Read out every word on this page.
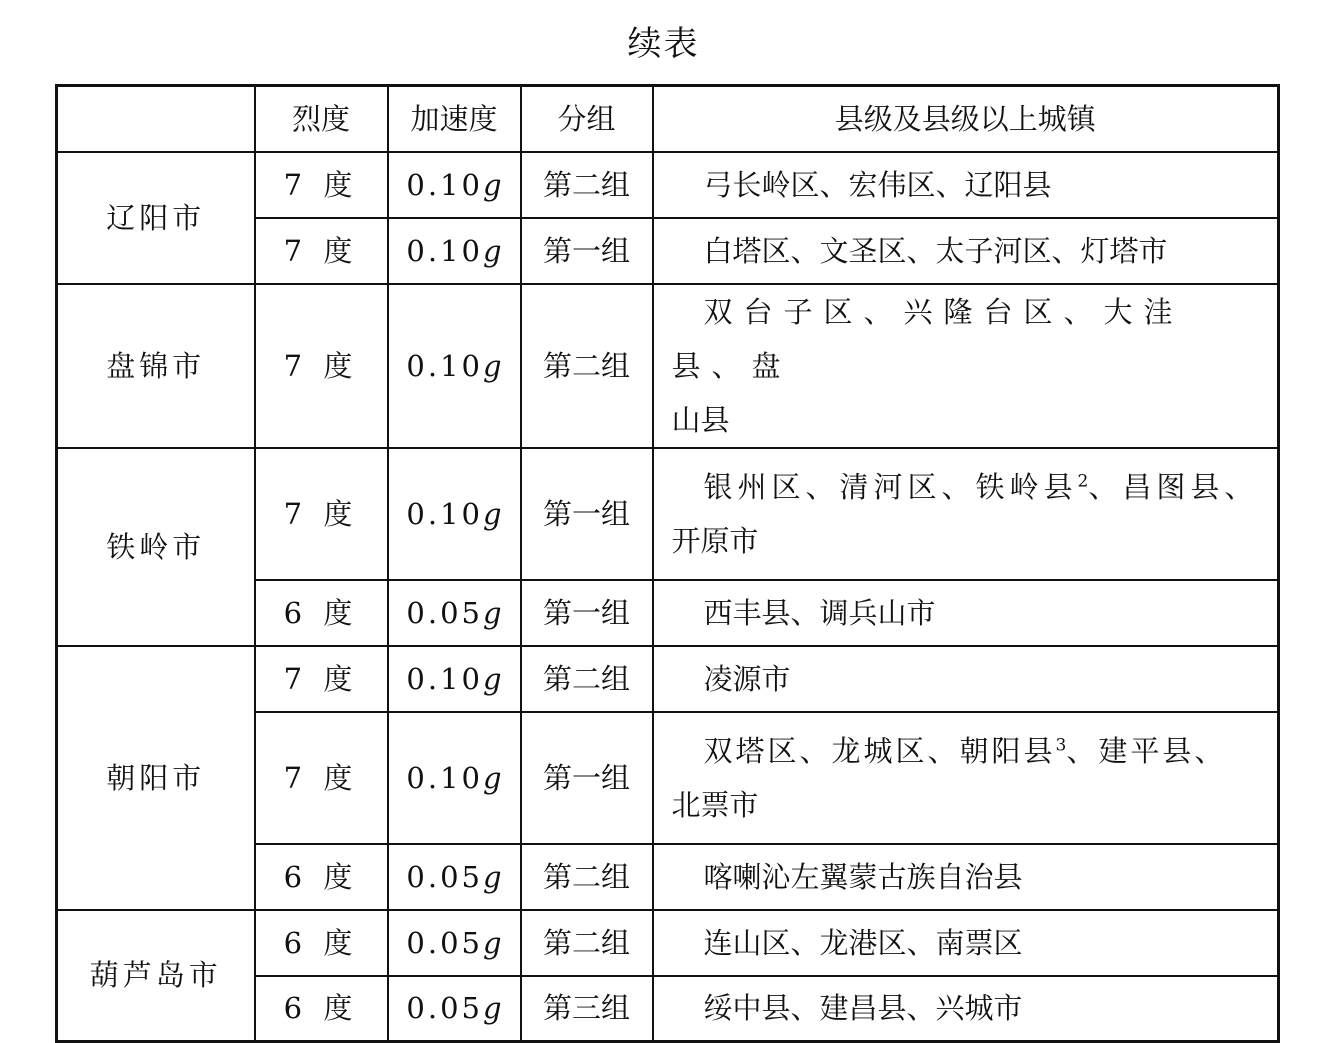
续表
	烈度	加速度	分组	县级及县级以上城镇
辽阳市	7 度	0.10g	第二组	弓长岭区、宏伟区、辽阳县
	7 度	0.10g	第一组	白塔区、文圣区、太子河区、灯塔市
盘锦市	7 度	0.10g	第二组	双台子区、兴隆台区、大洼县、盘
山县
铁岭市	7 度	0.10g	第一组	银州区、清河区、铁岭县$^2$、昌图县、
开原市
	6 度	0.05g	第一组	西丰县、调兵山市
朝阳市	7 度	0.10g	第二组	凌源市
	7 度	0.10g	第一组	双塔区、龙城区、朝阳县$^3$、建平县、
北票市
	6 度	0.05g	第二组	喀喇沁左翼蒙古族自治县
葫芦岛市	6 度	0.05g	第二组	连山区、龙港区、南票区
	6 度	0.05g	第三组	绥中县、建昌县、兴城市
